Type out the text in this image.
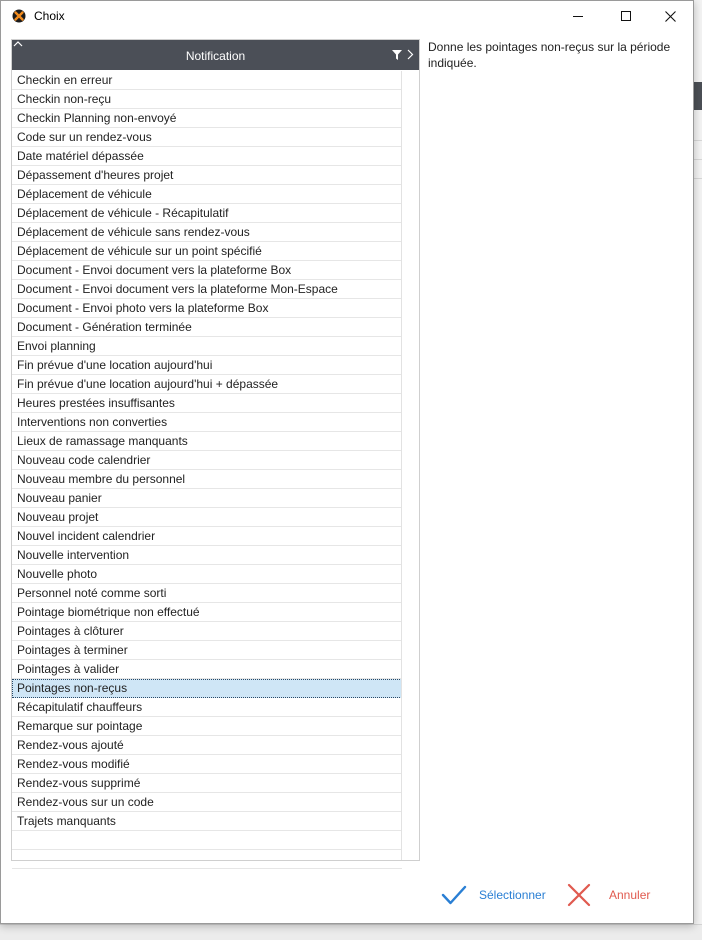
Choix
Notification
Checkin en erreur
Checkin non-reçu
Checkin Planning non-envoyé
Code sur un rendez-vous
Date matériel dépassée
Dépassement d'heures projet
Déplacement de véhicule
Déplacement de véhicule - Récapitulatif
Déplacement de véhicule sans rendez-vous
Déplacement de véhicule sur un point spécifié
Document - Envoi document vers la plateforme Box
Document - Envoi document vers la plateforme Mon-Espace
Document - Envoi photo vers la plateforme Box
Document - Génération terminée
Envoi planning
Fin prévue d'une location aujourd'hui
Fin prévue d'une location aujourd'hui + dépassée
Heures prestées insuffisantes
Interventions non converties
Lieux de ramassage manquants
Nouveau code calendrier
Nouveau membre du personnel
Nouveau panier
Nouveau projet
Nouvel incident calendrier
Nouvelle intervention
Nouvelle photo
Personnel noté comme sorti
Pointage biométrique non effectué
Pointages à clôturer
Pointages à terminer
Pointages à valider
Pointages non-reçus
Récapitulatif chauffeurs
Remarque sur pointage
Rendez-vous ajouté
Rendez-vous modifié
Rendez-vous supprimé
Rendez-vous sur un code
Trajets manquants
Donne les pointages non-reçus sur la période indiquée.
Sélectionner	Annuler
